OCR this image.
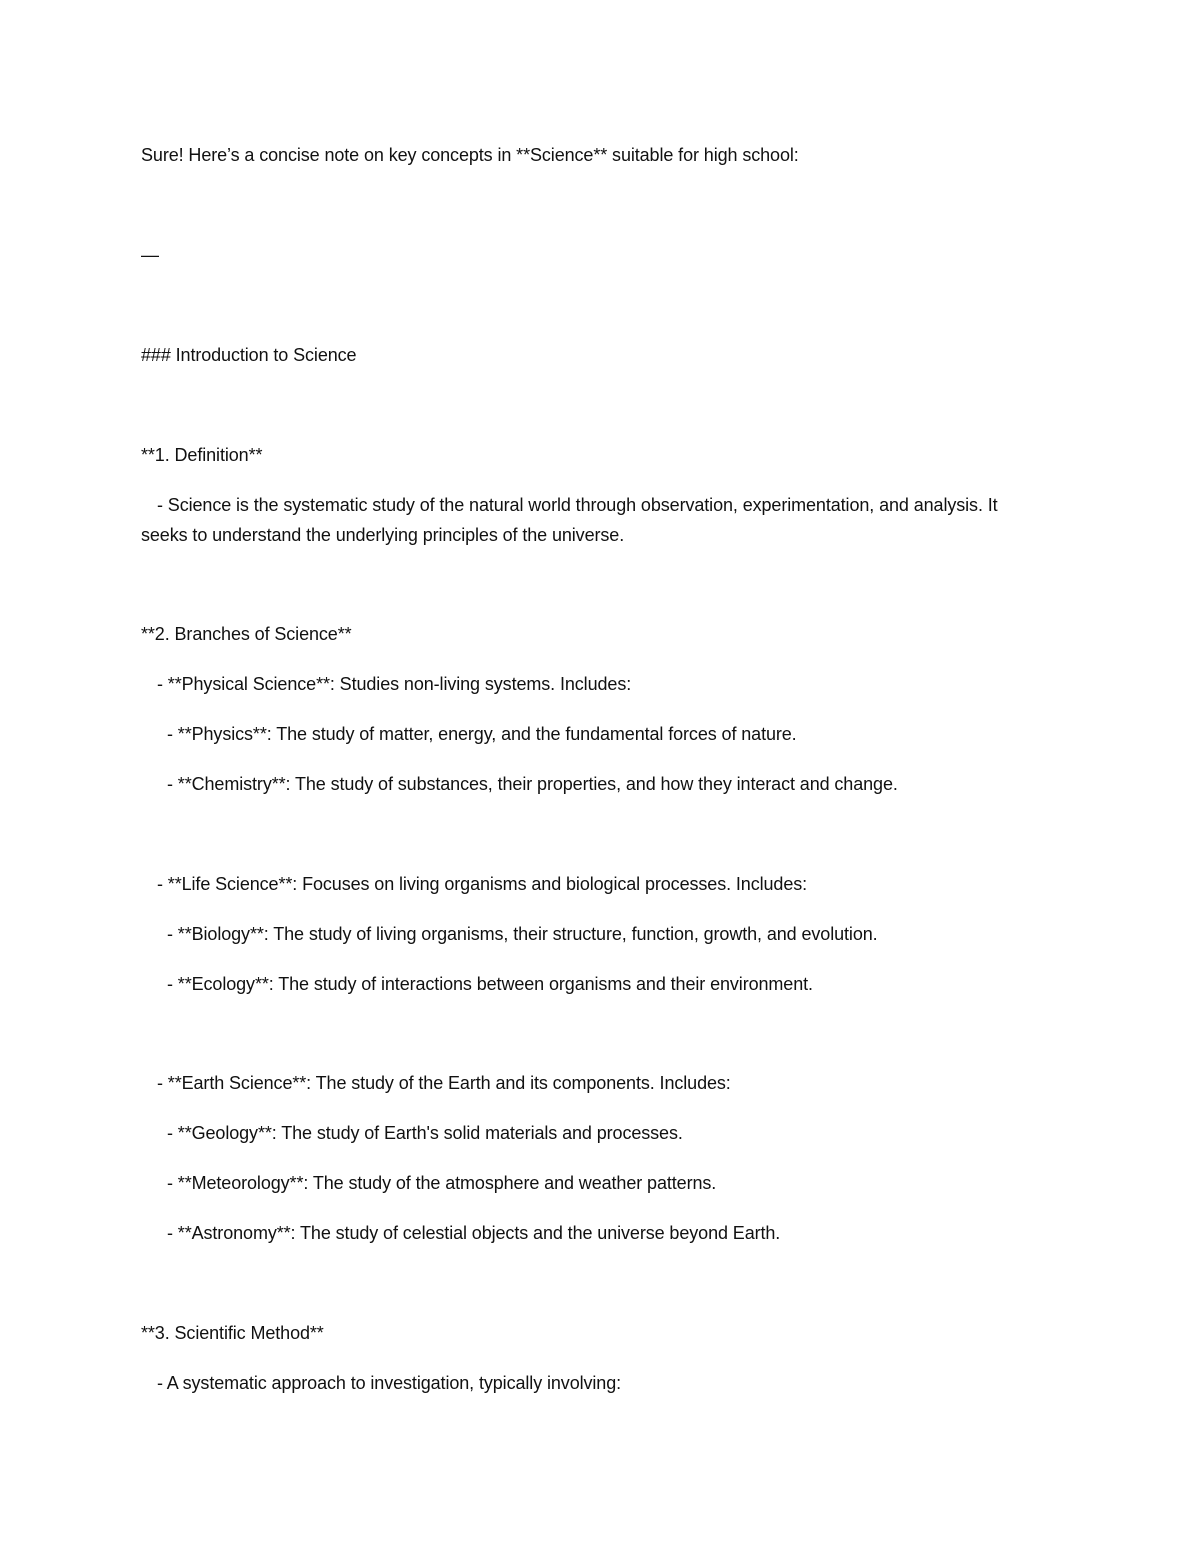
Sure! Here’s a concise note on key concepts in **Science** suitable for high school:
—
### Introduction to Science
**1. Definition**
- Science is the systematic study of the natural world through observation, experimentation, and analysis. It seeks to understand the underlying principles of the universe.
**2. Branches of Science**
- **Physical Science**: Studies non-living systems. Includes:
- **Physics**: The study of matter, energy, and the fundamental forces of nature.
- **Chemistry**: The study of substances, their properties, and how they interact and change.
- **Life Science**: Focuses on living organisms and biological processes. Includes:
- **Biology**: The study of living organisms, their structure, function, growth, and evolution.
- **Ecology**: The study of interactions between organisms and their environment.
- **Earth Science**: The study of the Earth and its components. Includes:
- **Geology**: The study of Earth's solid materials and processes.
- **Meteorology**: The study of the atmosphere and weather patterns.
- **Astronomy**: The study of celestial objects and the universe beyond Earth.
**3. Scientific Method**
- A systematic approach to investigation, typically involving:
